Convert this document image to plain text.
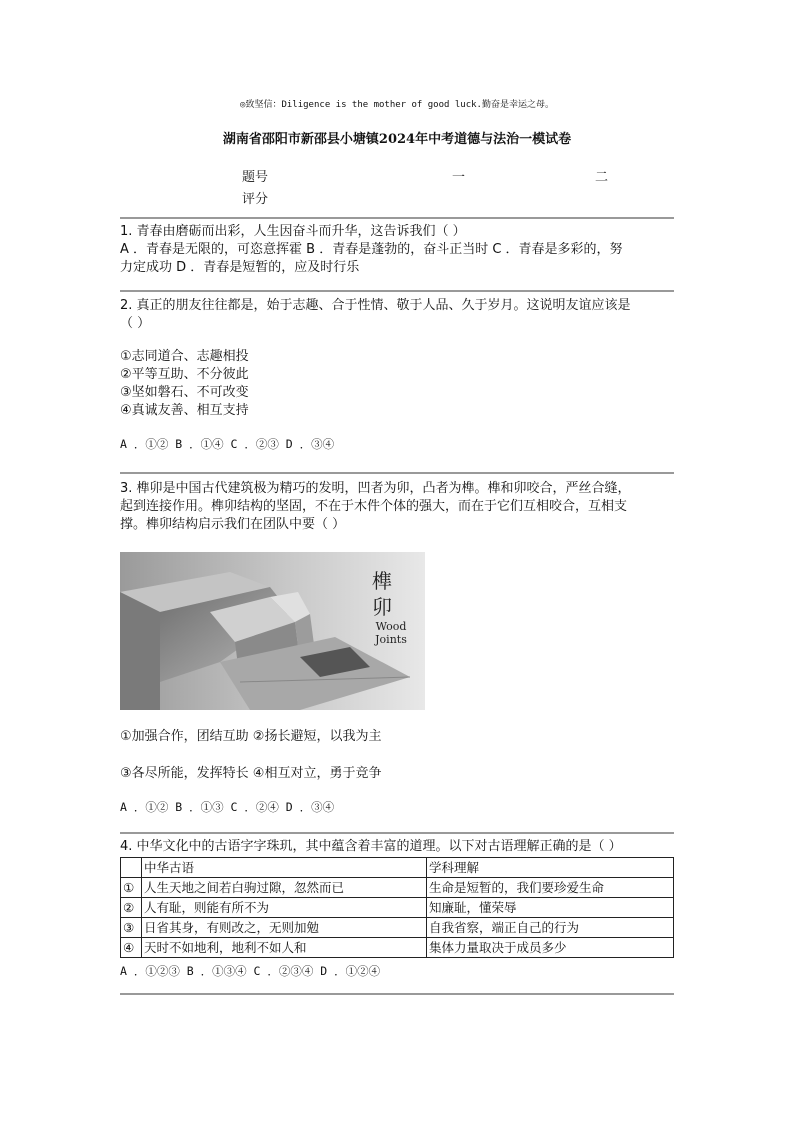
◎致坚信：Diligence is the mother of good luck.勤奋是幸运之母。
湖南省邵阳市新邵县小塘镇2024年中考道德与法治一模试卷
题号	一	二
评分

1. 青春由磨砺而出彩，人生因奋斗而升华，这告诉我们（ ）

A ．青春是无限的，可恣意挥霍 B ．青春是蓬勃的，奋斗正当时 C ．青春是多彩的，努

力定成功 D ．青春是短暂的，应及时行乐

2. 真正的朋友往往都是，始于志趣、合于性情、敬于人品、久于岁月。这说明友谊应该是

（ ）

①志同道合、志趣相投

②平等互助、不分彼此

③坚如磐石、不可改变

④真诚友善、相互支持

A ．①② B ．①④ C ．②③ D ．③④

3. 榫卯是中国古代建筑极为精巧的发明，凹者为卯，凸者为榫。榫和卯咬合，严丝合缝，

起到连接作用。榫卯结构的坚固，不在于木件个体的强大，而在于它们互相咬合，互相支

撑。榫卯结构启示我们在团队中要（ ）

榫
卯
Wood
Joints

①加强合作，团结互助 ②扬长避短，以我为主

③各尽所能，发挥特长 ④相互对立，勇于竞争

A ．①② B ．①③ C ．②④ D ．③④

4. 中华文化中的古语字字珠玑，其中蕴含着丰富的道理。以下对古语理解正确的是（ ）

	中华古语	学科理解
①	人生天地之间若白驹过隙，忽然而已	生命是短暂的，我们要珍爱生命
②	人有耻，则能有所不为	知廉耻，懂荣辱
③	日省其身，有则改之，无则加勉	自我省察，端正自己的行为
④	天时不如地利，地利不如人和	集体力量取决于成员多少
A ．①②③ B ．①③④ C ．②③④ D ．①②④
